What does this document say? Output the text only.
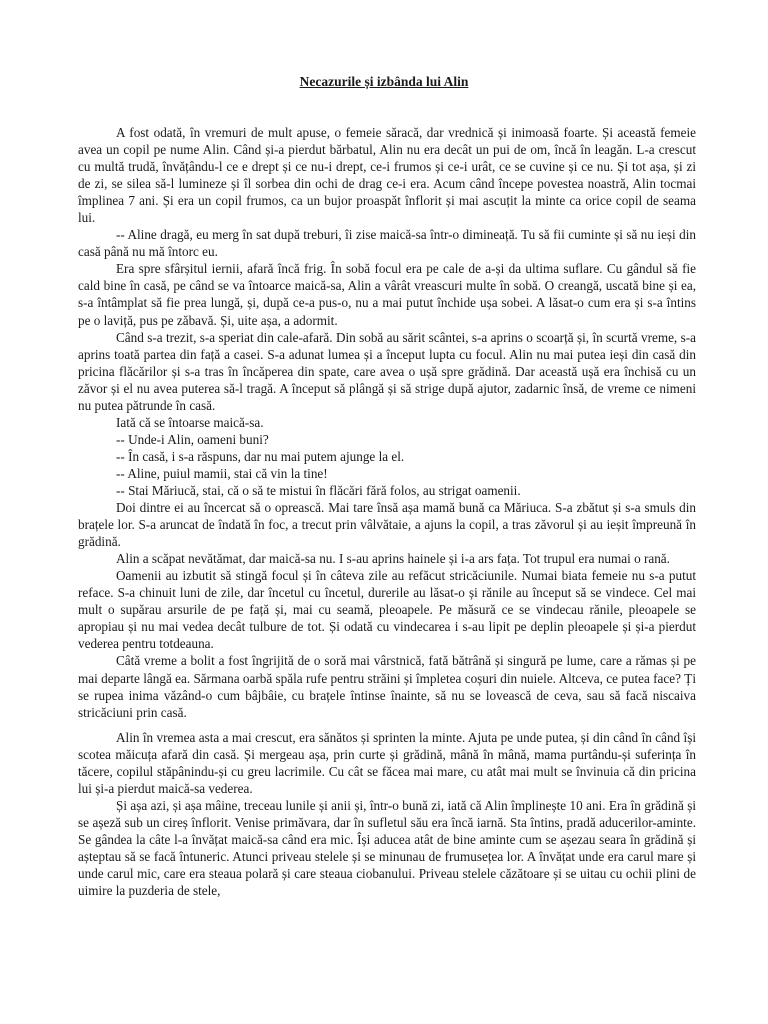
Necazurile și izbânda lui Alin

A fost odată, în vremuri de mult apuse, o femeie săracă, dar vrednică și inimoasă foarte. Și această femeie avea un copil pe nume Alin. Când și-a pierdut bărbatul, Alin nu era decât un pui de om, încă în leagăn. L-a crescut cu multă trudă, învățându-l ce e drept și ce nu-i drept, ce-i frumos și ce-i urât, ce se cuvine și ce nu. Și tot așa, și zi de zi, se silea să-l lumineze și îl sorbea din ochi de drag ce-i era. Acum când începe povestea noastră, Alin tocmai împlinea 7 ani. Și era un copil frumos, ca un bujor proaspăt înflorit și mai ascuțit la minte ca orice copil de seama lui.

-- Aline dragă, eu merg în sat după treburi, îi zise maică-sa într-o dimineață. Tu să fii cuminte și să nu ieși din casă până nu mă întorc eu.

Era spre sfârșitul iernii, afară încă frig. În sobă focul era pe cale de a-și da ultima suflare. Cu gândul să fie cald bine în casă, pe când se va întoarce maică-sa, Alin a vârât vreascuri multe în sobă. O creangă, uscată bine și ea, s-a întâmplat să fie prea lungă, și, după ce-a pus-o, nu a mai putut închide ușa sobei. A lăsat-o cum era și s-a întins pe o laviță, pus pe zăbavă. Și, uite așa, a adormit.

Când s-a trezit, s-a speriat din cale-afară. Din sobă au sărit scântei, s-a aprins o scoarță și, în scurtă vreme, s-a aprins toată partea din față a casei. S-a adunat lumea și a început lupta cu focul. Alin nu mai putea ieși din casă din pricina flăcărilor și s-a tras în încăperea din spate, care avea o ușă spre grădină. Dar această ușă era închisă cu un zăvor și el nu avea puterea să-l tragă. A început să plângă și să strige după ajutor, zadarnic însă, de vreme ce nimeni nu putea pătrunde în casă.

Iată că se întoarse maică-sa.

-- Unde-i Alin, oameni buni?

-- În casă, i s-a răspuns, dar nu mai putem ajunge la el.

-- Aline, puiul mamii, stai că vin la tine!

-- Stai Măriucă, stai, că o să te mistui în flăcări fără folos, au strigat oamenii.

Doi dintre ei au încercat să o oprească. Mai tare însă așa mamă bună ca Măriuca. S-a zbătut și s-a smuls din brațele lor. S-a aruncat de îndată în foc, a trecut prin vâlvătaie, a ajuns la copil, a tras zăvorul și au ieșit împreună în grădină.

Alin a scăpat nevătămat, dar maică-sa nu. I s-au aprins hainele și i-a ars fața. Tot trupul era numai o rană.

Oamenii au izbutit să stingă focul și în câteva zile au refăcut stricăciunile. Numai biata femeie nu s-a putut reface. S-a chinuit luni de zile, dar încetul cu încetul, durerile au lăsat-o și rănile au început să se vindece. Cel mai mult o supărau arsurile de pe față și, mai cu seamă, pleoapele. Pe măsură ce se vindecau rănile, pleoapele se apropiau și nu mai vedea decât tulbure de tot. Și odată cu vindecarea i s-au lipit pe deplin pleoapele și și-a pierdut vederea pentru totdeauna.

Câtă vreme a bolit a fost îngrijită de o soră mai vârstnică, fată bătrână și singură pe lume, care a rămas și pe mai departe lângă ea. Sărmana oarbă spăla rufe pentru străini și împletea coșuri din nuiele. Altceva, ce putea face? Ți se rupea inima văzând-o cum bâjbâie, cu brațele întinse înainte, să nu se lovească de ceva, sau să facă niscaiva stricăciuni prin casă.

Alin în vremea asta a mai crescut, era sănătos și sprinten la minte. Ajuta pe unde putea, și din când în când își scotea măicuța afară din casă. Și mergeau așa, prin curte și grădină, mână în mână, mama purtându-și suferința în tăcere, copilul stăpânindu-și cu greu lacrimile. Cu cât se făcea mai mare, cu atât mai mult se învinuia că din pricina lui și-a pierdut maică-sa vederea.

Și așa azi, și așa mâine, treceau lunile și anii și, într-o bună zi, iată că Alin împlinește 10 ani. Era în grădină și se așeză sub un cireș înflorit. Venise primăvara, dar în sufletul său era încă iarnă. Sta întins, pradă aducerilor-aminte. Se gândea la câte l-a învățat maică-sa când era mic. Își aducea atât de bine aminte cum se așezau seara în grădină și așteptau să se facă întuneric. Atunci priveau stelele și se minunau de frumusețea lor. A învățat unde era carul mare și unde carul mic, care era steaua polară și care steaua ciobanului. Priveau stelele căzătoare și se uitau cu ochii plini de uimire la puzderia de stele,
